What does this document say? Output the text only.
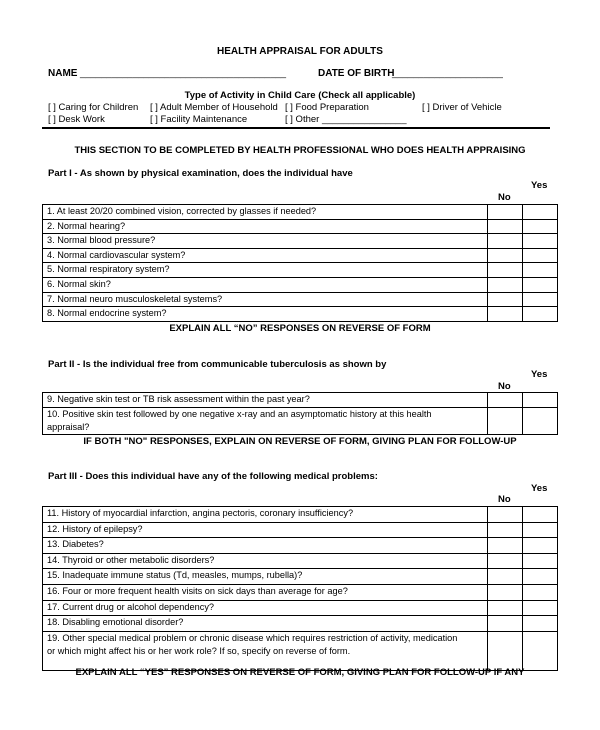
HEALTH APPRAISAL FOR ADULTS
NAME _______________________________________	DATE OF BIRTH
_____________________
Type of Activity in Child Care (Check all applicable)
[ ] Caring for Children [ ] Adult Member of Household [ ] Food Preparation	[ ] Driver of Vehicle
[ ] Desk Work	[ ] Facility Maintenance	[ ] Other ________________
THIS SECTION TO BE COMPLETED BY HEALTH PROFESSIONAL WHO DOES HEALTH APPRAISING
Part I - As shown by physical examination, does the individual have
Yes
No
1. At least 20/20 combined vision, corrected by glasses if needed?		
2. Normal hearing?		
3. Normal blood pressure?		
4. Normal cardiovascular system?		
5. Normal respiratory system?		
6. Normal skin?		
7. Normal neuro musculoskeletal systems?		
8. Normal endocrine system?		
EXPLAIN ALL “NO” RESPONSES ON REVERSE OF FORM
Part II - Is the individual free from communicable tuberculosis as shown by
Yes
No
9. Negative skin test or TB risk assessment within the past year?		
10. Positive skin test followed by one negative x-ray and an asymptomatic history at this health appraisal?		
IF BOTH "NO" RESPONSES, EXPLAIN ON REVERSE OF FORM, GIVING PLAN FOR FOLLOW-UP
Part III - Does this individual have any of the following medical problems:
Yes
No
11. History of myocardial infarction, angina pectoris, coronary insufficiency?		
12. History of epilepsy?		
13. Diabetes?		
14. Thyroid or other metabolic disorders?		
15. Inadequate immune status (Td, measles, mumps, rubella)?		
16. Four or more frequent health visits on sick days than average for age?		
17. Current drug or alcohol dependency?		
18. Disabling emotional disorder?		
19. Other special medical problem or chronic disease which requires restriction of activity, medication or which might affect his or her work role? If so, specify on reverse of form.		
EXPLAIN ALL “YES” RESPONSES ON REVERSE OF FORM, GIVING PLAN FOR FOLLOW-UP IF ANY
